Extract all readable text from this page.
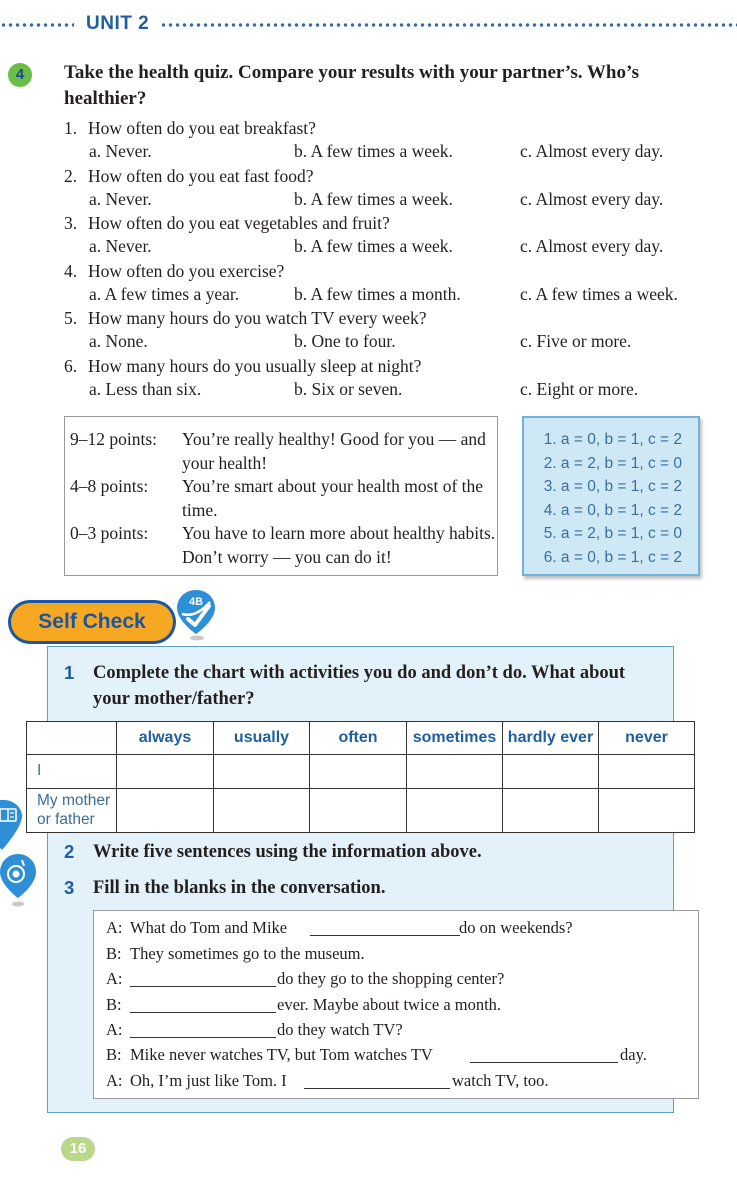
UNIT 2
4	Take the health quiz. Compare your results with your partner’s. Who’s healthier?
1. How often do you eat breakfast?
a. Never.	b. A few times a week.	c. Almost every day.
2. How often do you eat fast food?
a. Never.	b. A few times a week.	c. Almost every day.
3. How often do you eat vegetables and fruit?
a. Never.	b. A few times a week.	c. Almost every day.
4. How often do you exercise?
a. A few times a year.	b. A few times a month.	c. A few times a week.
5. How many hours do you watch TV every week?
a. None.	b. One to four.	c. Five or more.
6. How many hours do you usually sleep at night?
a. Less than six.	b. Six or seven.	c. Eight or more.
9–12 points: You’re really healthy! Good for you — and your health!
4–8 points: You’re smart about your health most of the time.
0–3 points: You have to learn more about healthy habits. Don’t worry — you can do it!
1. a = 0, b = 1, c = 2
2. a = 2, b = 1, c = 0
3. a = 0, b = 1, c = 2
4. a = 0, b = 1, c = 2
5. a = 2, b = 1, c = 0
6. a = 0, b = 1, c = 2
Self Check
4B
1 Complete the chart with activities you do and don’t do. What about your mother/father?
	always	usually	often	sometimes	hardly ever	never
I						
My mother or father						
2 Write five sentences using the information above.
3 Fill in the blanks in the conversation.
A: What do Tom and Mike	do on weekends?
B: They sometimes go to the museum.
A:	do they go to the shopping center?
B:	ever. Maybe about twice a month.
A:	do they watch TV?
B: Mike never watches TV, but Tom watches TV	day.
A: Oh, I’m just like Tom. I	watch TV, too.
16
